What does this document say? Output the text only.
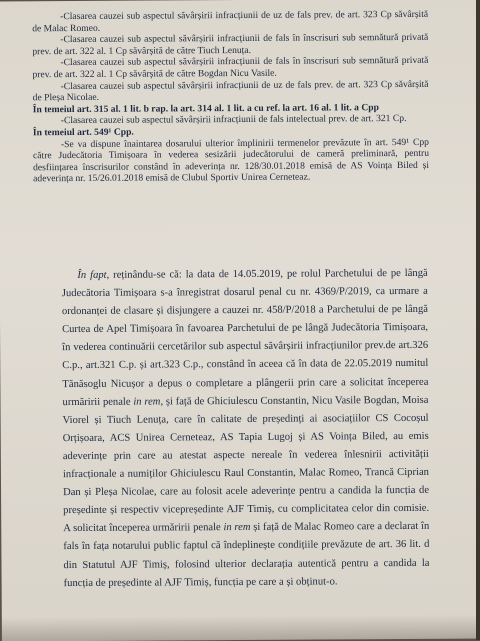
-Clasarea cauzei sub aspectul săvârșirii infracțiunii de uz de fals prev. de art. 323 Cp săvârșită de Malac Romeo.

-Clasarea cauzei sub aspectul săvârșirii infracțiunii de fals în înscrisuri sub semnătură privată prev. de art. 322 al. 1 Cp săvârșită de către Tiuch Lenuța.

-Clasarea cauzei sub aspectul săvârșirii infracțiunii de fals în înscrisuri sub semnătură privată prev. de art. 322 al. 1 Cp săvârșită de către Bogdan Nicu Vasile.

-Clasarea cauzei sub aspectul săvârșirii infracțiunii de uz de fals prev. de art. 323 Cp săvârșită de Pleșa Nicolae.

În temeiul art. 315 al. 1 lit. b rap. la art. 314 al. 1 lit. a cu ref. la art. 16 al. 1 lit. a Cpp

-Clasarea cauzei sub aspectul săvârșirii infracțiunii de fals intelectual prev. de art. 321 Cp.

În temeiul art. 549¹ Cpp.

-Se va dispune înaintarea dosarului ulterior împlinirii termenelor prevăzute în art. 549¹ Cpp către Judecătoria Timișoara în vederea sesizării judecătorului de cameră preliminară, pentru desființarea înscrisurilor constând în adeverința nr. 128/30.01.2018 emisă de AS Voința Biled și adeverința nr. 15/26.01.2018 emisă de Clubul Sportiv Unirea Cerneteaz.

În fapt, reținându-se că: la data de 14.05.2019, pe rolul Parchetului de pe lângă Judecătoria Timișoara s-a înregistrat dosarul penal cu nr. 4369/P/2019, ca urmare a ordonanței de clasare și disjungere a cauzei nr. 458/P/2018 a Parchetului de pe lângă Curtea de Apel Timișoara în favoarea Parchetului de pe lângă Judecătoria Timișoara, în vederea continuării cercetărilor sub aspectul săvârșirii infracțiunilor prev.de art.326 C.p., art.321 C.p. și art.323 C.p., constând în aceea că în data de 22.05.2019 numitul Tănăsoglu Nicușor a depus o completare a plângerii prin care a solicitat începerea urmăririi penale in rem, și față de Ghiciulescu Constantin, Nicu Vasile Bogdan, Moisa Viorel și Tiuch Lenuța, care în calitate de președinți ai asociațiilor CS Cocoșul Orțișoara, ACS Unirea Cerneteaz, AS Tapia Lugoj și AS Voința Biled, au emis adeverințe prin care au atestat aspecte nereale în vederea înlesnirii activității infracționale a numiților Ghiciulescu Raul Constantin, Malac Romeo, Trancă Ciprian Dan și Pleșa Nicolae, care au folosit acele adeverințe pentru a candida la funcția de președinte și respectiv vicepreședinte AJF Timiș, cu complicitatea celor din comisie. A solicitat începerea urmăririi penale in rem și față de Malac Romeo care a declarat în fals în fața notarului public faptul că îndeplinește condițiile prevăzute de art. 36 lit. d din Statutul AJF Timiș, folosind ulterior declarația autentică pentru a candida la funcția de președinte al AJF Timiș, funcția pe care a și obținut-o.
